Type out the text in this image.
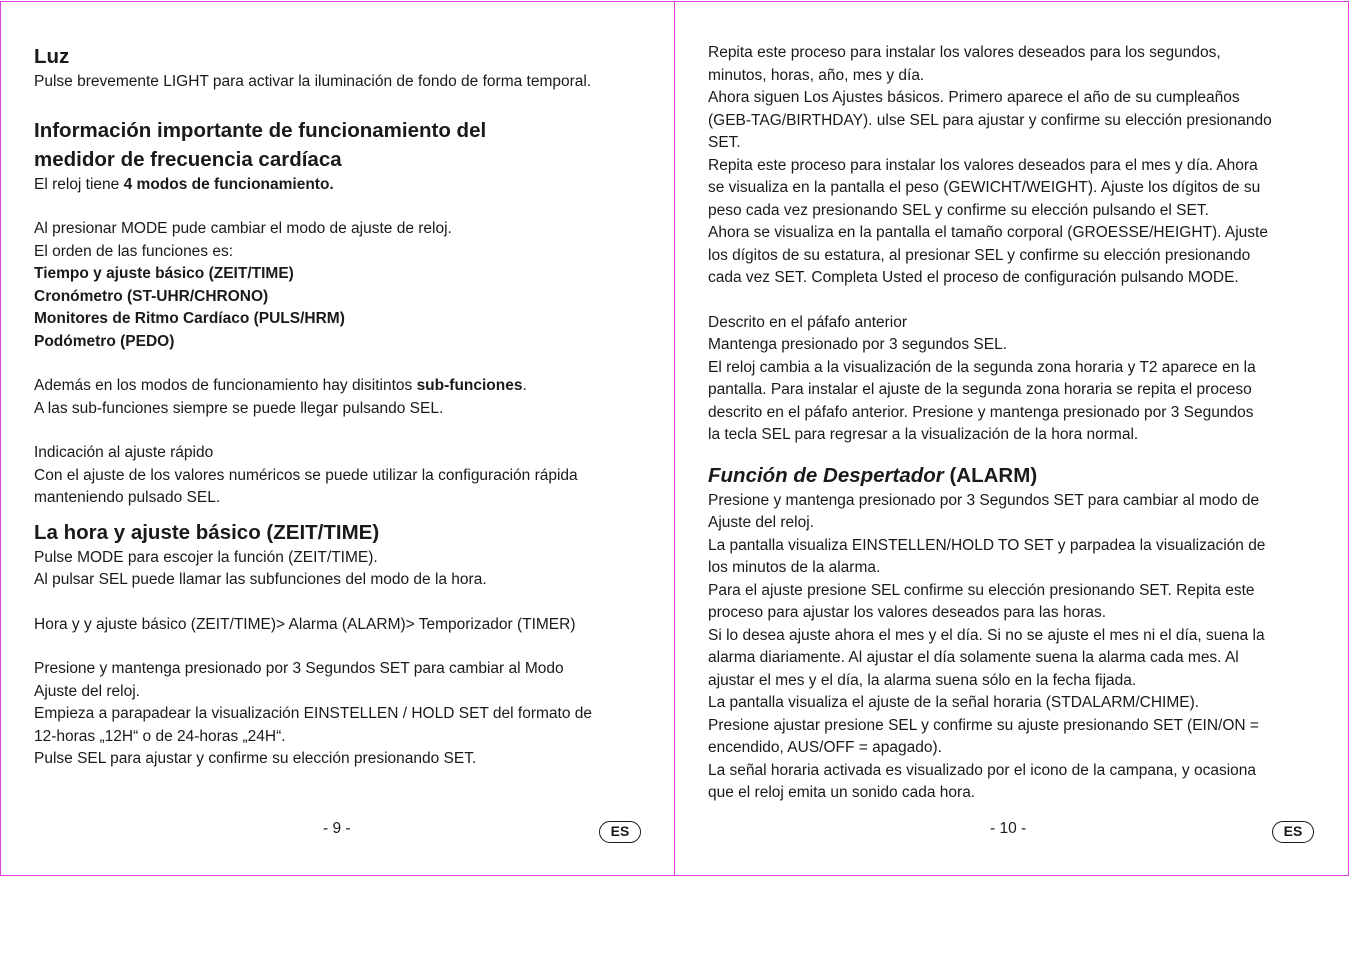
Luz

Pulse brevemente LIGHT para activar la iluminación de fondo de forma temporal.

Información importante de funcionamiento del
medidor de frecuencia cardíaca

El reloj tiene 4 modos de funcionamiento.

Al presionar MODE pude cambiar el modo de ajuste de reloj.

El orden de las funciones es:

Tiempo y ajuste básico (ZEIT/TIME)

Cronómetro (ST-UHR/CHRONO)

Monitores de Ritmo Cardíaco (PULS/HRM)

Podómetro (PEDO)

Además en los modos de funcionamiento hay disitintos sub-funciones.

A las sub-funciones siempre se puede llegar pulsando SEL.

Indicación al ajuste rápido

Con el ajuste de los valores numéricos se puede utilizar la configuración rápida

manteniendo pulsado SEL.

La hora y ajuste básico (ZEIT/TIME)

Pulse MODE para escojer la función (ZEIT/TIME).

Al pulsar SEL puede llamar las subfunciones del modo de la hora.

Hora y y ajuste básico (ZEIT/TIME)> Alarma (ALARM)> Temporizador (TIMER)

Presione y mantenga presionado por 3 Segundos SET para cambiar al Modo

Ajuste del reloj.

Empieza a parapadear la visualización EINSTELLEN / HOLD SET del formato de

12-horas „12H“ o de 24-horas „24H“.

Pulse SEL para ajustar y confirme su elección presionando SET.

- 9 -	ES

Repita este proceso para instalar los valores deseados para los segundos,

minutos, horas, año, mes y día.

Ahora siguen Los Ajustes básicos. Primero aparece el año de su cumpleaños

(GEB-TAG/BIRTHDAY). ulse SEL para ajustar y confirme su elección presionando

SET.

Repita este proceso para instalar los valores deseados para el mes y día. Ahora

se visualiza en la pantalla el peso (GEWICHT/WEIGHT). Ajuste los dígitos de su

peso cada vez presionando SEL y confirme su elección pulsando el SET.

Ahora se visualiza en la pantalla el tamaño corporal (GROESSE/HEIGHT). Ajuste

los dígitos de su estatura, al presionar SEL y confirme su elección presionando

cada vez SET. Completa Usted el proceso de configuración pulsando MODE.

Descrito en el páfafo anterior

Mantenga presionado por 3 segundos SEL.

El reloj cambia a la visualización de la segunda zona horaria y T2 aparece en la

pantalla. Para instalar el ajuste de la segunda zona horaria se repita el proceso

descrito en el páfafo anterior. Presione y mantenga presionado por 3 Segundos

la tecla SEL para regresar a la visualización de la hora normal.

Función de Despertador (ALARM)

Presione y mantenga presionado por 3 Segundos SET para cambiar al modo de

Ajuste del reloj.

La pantalla visualiza EINSTELLEN/HOLD TO SET y parpadea la visualización de

los minutos de la alarma.

Para el ajuste presione SEL confirme su elección presionando SET. Repita este

proceso para ajustar los valores deseados para las horas.

Si lo desea ajuste ahora el mes y el día. Si no se ajuste el mes ni el día, suena la

alarma diariamente. Al ajustar el día solamente suena la alarma cada mes. Al

ajustar el mes y el día, la alarma suena sólo en la fecha fijada.

La pantalla visualiza el ajuste de la señal horaria (STDALARM/CHIME).

Presione ajustar presione SEL y confirme su ajuste presionando SET (EIN/ON =

encendido, AUS/OFF = apagado).

La señal horaria activada es visualizado por el icono de la campana, y ocasiona

que el reloj emita un sonido cada hora.

- 10 -	ES
